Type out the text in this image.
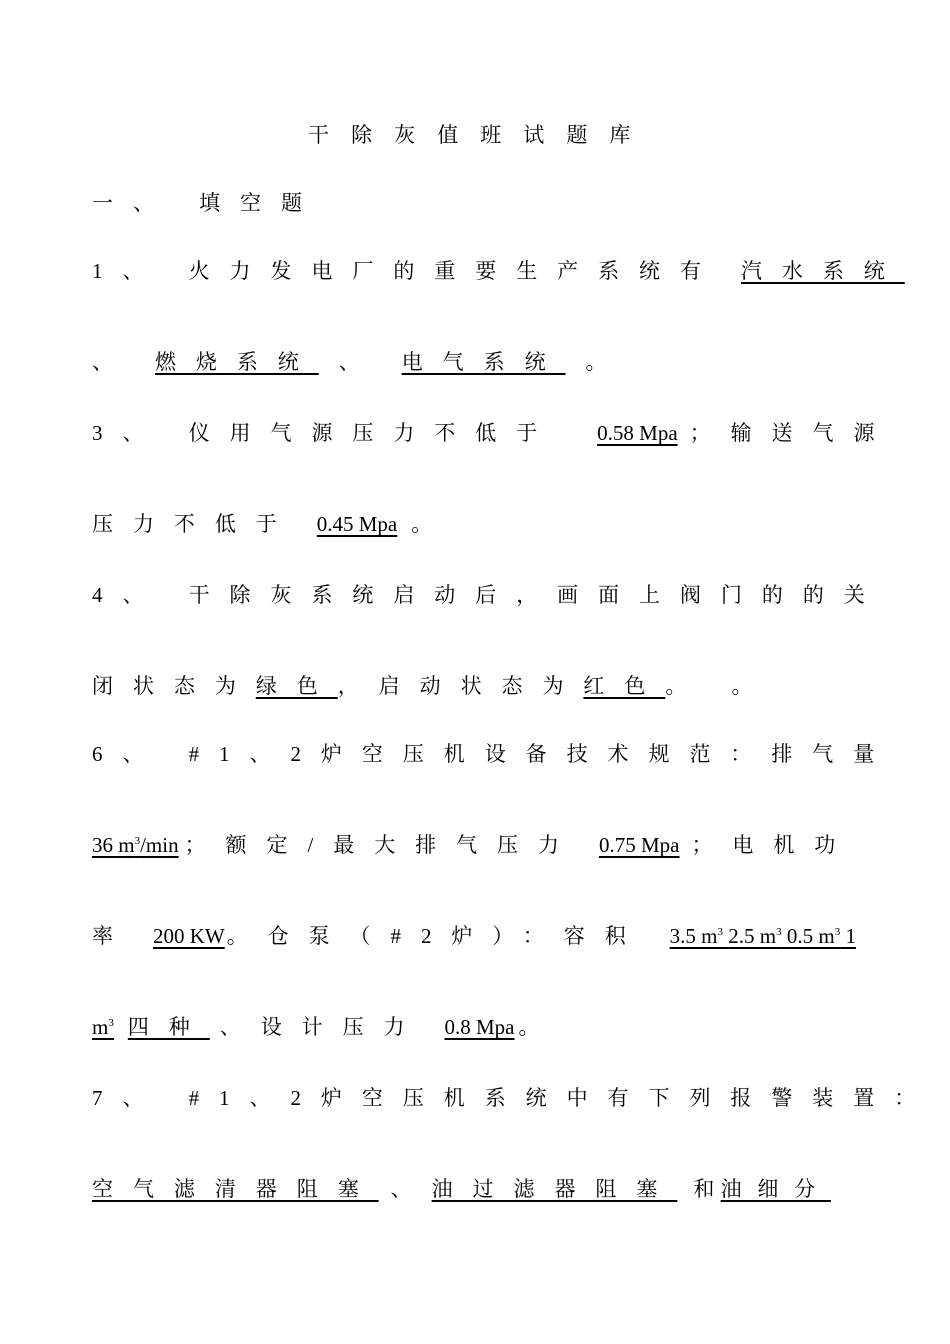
干除灰值班试题库
一、 填空题
1、 火力发电厂的重要生产系统有 汽水系统
、 燃烧系统 、 电气系统 。
3、 仪用气源压力不低于 0.58 Mpa ；输送气源
压力不低于 0.45 Mpa 。
4、 干除灰系统启动后，画面上阀门的的关
闭状态为绿色，启动状态为红色。 。
6、 #1、2炉空压机设备技术规范：排气量
36 $m^3/\min$ ；额定/最大排气压力 0.75 Mpa ；电机功
率 200 KW。仓泵（#2炉）：容积 3.5 $m^3$ 2.5 $m^3$ 0.5 $m^3$ 1
$m^3$ 四种 、设计压力 0.8 Mpa 。
7、 #1、2炉空压机系统中有下列报警装置：
空气滤清器阻塞 、油过滤器阻塞 和油细分
